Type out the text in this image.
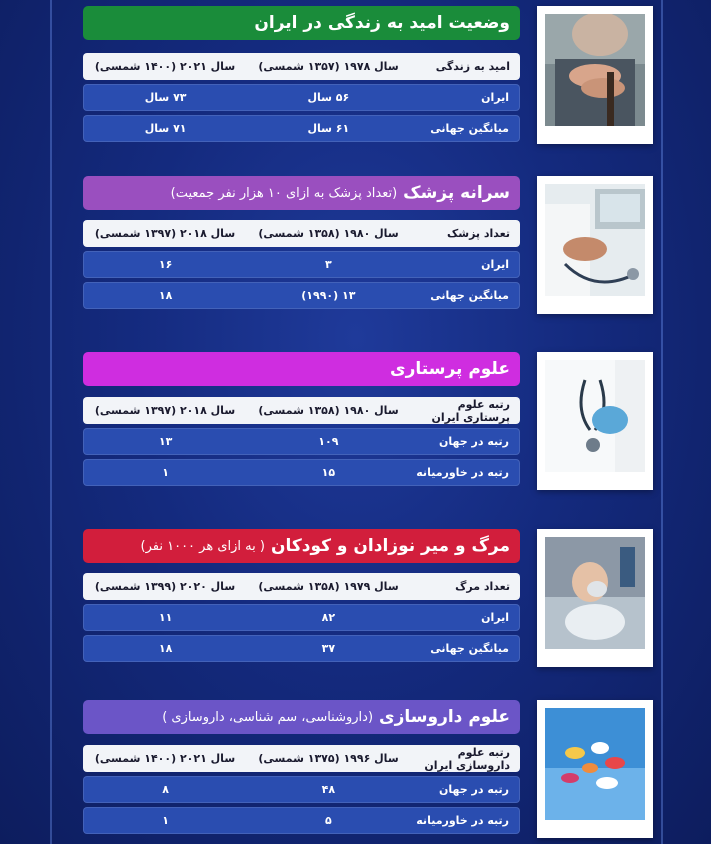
وضعیت امید به زندگی در ایران
امید به زندگی
سال ۱۹۷۸ (۱۳۵۷ شمسی)
سال ۲۰۲۱ (۱۴۰۰ شمسی)
ایران
۵۶ سال
۷۳ سال
میانگین جهانی
۶۱ سال
۷۱ سال
سرانه پزشک
(تعداد پزشک به ازای ۱۰ هزار نفر جمعیت)
تعداد پزشک
سال ۱۹۸۰ (۱۳۵۸ شمسی)
سال ۲۰۱۸ (۱۳۹۷ شمسی)
ایران
۳
۱۶
میانگین جهانی
۱۳ (۱۹۹۰)
۱۸
علوم پرستاری
رتبه علوم پرستاری ایران
سال ۱۹۸۰ (۱۳۵۸ شمسی)
سال ۲۰۱۸ (۱۳۹۷ شمسی)
رتبه در جهان
۱۰۹
۱۳
رتبه در خاورمیانه
۱۵
۱
مرگ و میر نوزادان و کودکان
( به ازای هر ۱۰۰۰ نفر)
تعداد مرگ
سال ۱۹۷۹ (۱۳۵۸ شمسی)
سال ۲۰۲۰ (۱۳۹۹ شمسی)
ایران
۸۲
۱۱
میانگین جهانی
۳۷
۱۸
علوم داروسازی
(داروشناسی، سم شناسی، داروسازی )
رتبه علوم داروسازی ایران
سال ۱۹۹۶ (۱۳۷۵ شمسی)
سال ۲۰۲۱ (۱۴۰۰ شمسی)
رتبه در جهان
۴۸
۸
رتبه در خاورمیانه
۵
۱
